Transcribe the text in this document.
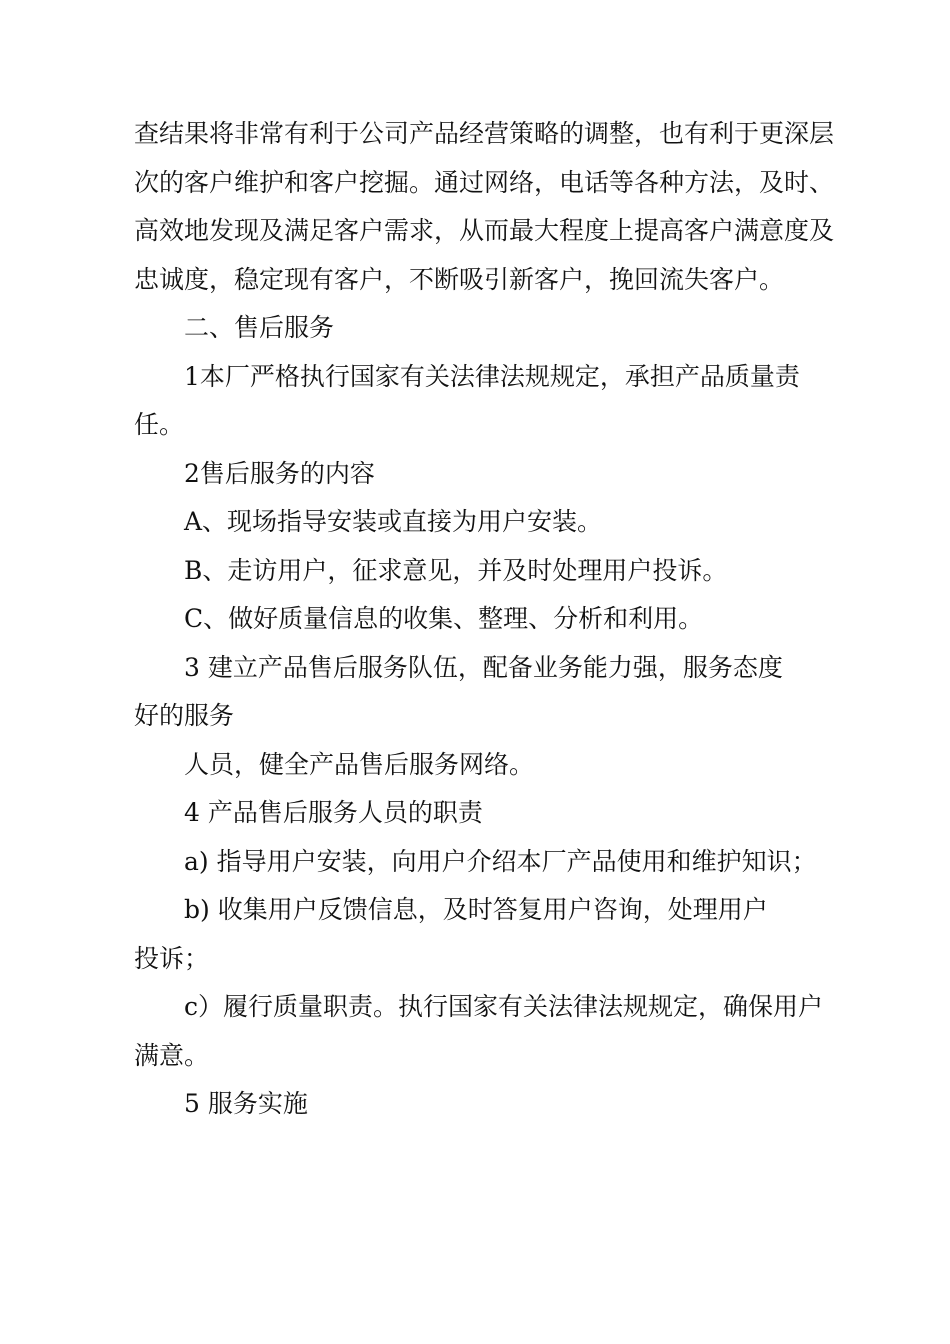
查结果将非常有利于公司产品经营策略的调整，也有利于更深层次的客户维护和客户挖掘。通过网络，电话等各种方法，及时、高效地发现及满足客户需求，从而最大程度上提高客户满意度及忠诚度，稳定现有客户，不断吸引新客户，挽回流失客户。

二、售后服务

1本厂严格执行国家有关法律法规规定，承担产品质量责任。

2售后服务的内容

A、现场指导安装或直接为用户安装。

B、走访用户，征求意见，并及时处理用户投诉。

C、做好质量信息的收集、整理、分析和利用。

3 建立产品售后服务队伍，配备业务能力强，服务态度

好的服务

人员，健全产品售后服务网络。

4 产品售后服务人员的职责

a) 指导用户安装，向用户介绍本厂产品使用和维护知识；

b) 收集用户反馈信息，及时答复用户咨询，处理用户

投诉；

c）履行质量职责。执行国家有关法律法规规定，确保用户满意。

5 服务实施
